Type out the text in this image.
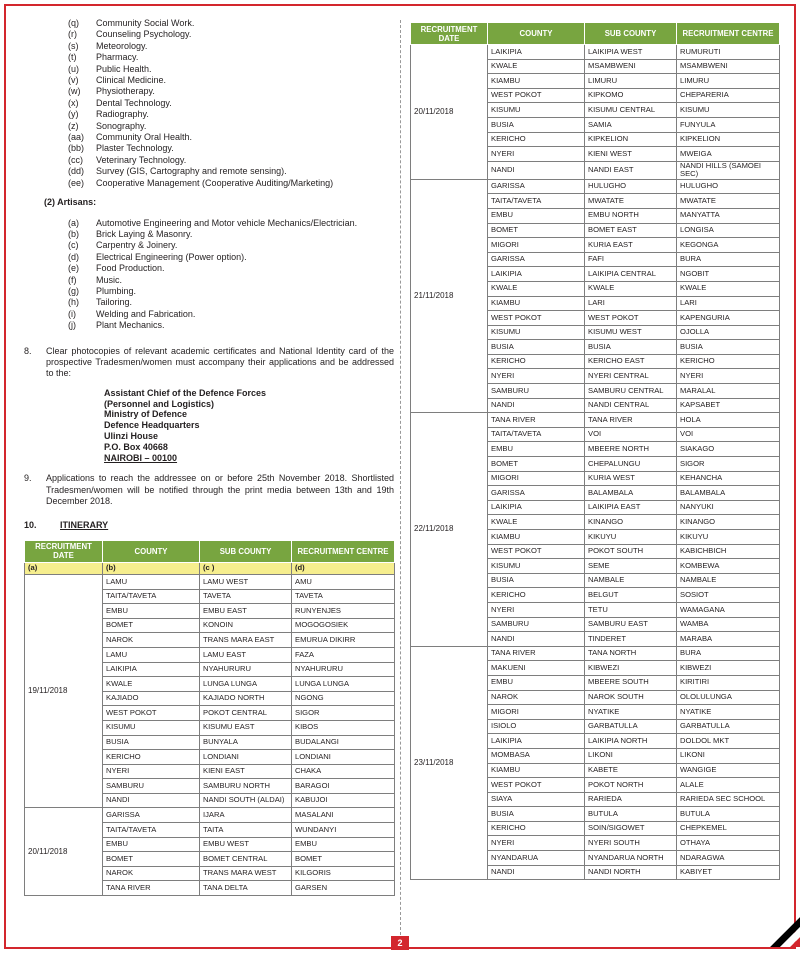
(q)	Community Social Work.
(r)	Counseling Psychology.
(s)	Meteorology.
(t)	Pharmacy.
(u)	Public Health.
(v)	Clinical Medicine.
(w)	Physiotherapy.
(x)	Dental Technology.
(y)	Radiography.
(z)	Sonography.
(aa)	Community Oral Health.
(bb)	Plaster Technology.
(cc)	Veterinary Technology.
(dd)	Survey (GIS, Cartography and remote sensing).
(ee)	Cooperative Management (Cooperative Auditing/Marketing)
(2) Artisans:
(a)	Automotive Engineering and Motor vehicle Mechanics/Electrician.
(b)	Brick Laying & Masonry.
(c)	Carpentry & Joinery.
(d)	Electrical Engineering (Power option).
(e)	Food Production.
(f)	Music.
(g)	Plumbing.
(h)	Tailoring.
(i)	Welding and Fabrication.
(j)	Plant Mechanics.
8.	Clear photocopies of relevant academic certificates and National Identity card of the prospective Tradesmen/women must accompany their applications and be addressed to the:
Assistant Chief of the Defence Forces
(Personnel and Logistics)
Ministry of Defence
Defence Headquarters
Ulinzi House
P.O. Box 40668
NAIROBI – 00100
9.	Applications to reach the addressee on or before 25th November 2018. Shortlisted Tradesmen/women will be notified through the print media between 13th and 19th December 2018.
10.	ITINERARY
RECRUITMENT DATE	COUNTY	SUB COUNTY	RECRUITMENT CENTRE
(a)	(b)	(c )	(d)
19/11/2018	LAMU	LAMU WEST	AMU
	TAITA/TAVETA	TAVETA	TAVETA
	EMBU	EMBU EAST	RUNYENJES
	BOMET	KONOIN	MOGOGOSIEK
	NAROK	TRANS MARA EAST	EMURUA DIKIRR
	LAMU	LAMU EAST	FAZA
	LAIKIPIA	NYAHURURU	NYAHURURU
	KWALE	LUNGA LUNGA	LUNGA LUNGA
	KAJIADO	KAJIADO NORTH	NGONG
	WEST POKOT	POKOT CENTRAL	SIGOR
	KISUMU	KISUMU EAST	KIBOS
	BUSIA	BUNYALA	BUDALANGI
	KERICHO	LONDIANI	LONDIANI
	NYERI	KIENI EAST	CHAKA
	SAMBURU	SAMBURU NORTH	BARAGOI
	NANDI	NANDI SOUTH (ALDAI)	KABUJOI
20/11/2018	GARISSA	IJARA	MASALANI
	TAITA/TAVETA	TAITA	WUNDANYI
	EMBU	EMBU WEST	EMBU
	BOMET	BOMET CENTRAL	BOMET
	NAROK	TRANS MARA WEST	KILGORIS
	TANA RIVER	TANA DELTA	GARSEN
RECRUITMENT DATE	COUNTY	SUB COUNTY	RECRUITMENT CENTRE
20/11/2018	LAIKIPIA	LAIKIPIA WEST	RUMURUTI
	KWALE	MSAMBWENI	MSAMBWENI
	KIAMBU	LIMURU	LIMURU
	WEST POKOT	KIPKOMO	CHEPARERIA
	KISUMU	KISUMU CENTRAL	KISUMU
	BUSIA	SAMIA	FUNYULA
	KERICHO	KIPKELION	KIPKELION
	NYERI	KIENI WEST	MWEIGA
	NANDI	NANDI EAST	NANDI HILLS (SAMOEI SEC)
21/11/2018	GARISSA	HULUGHO	HULUGHO
	TAITA/TAVETA	MWATATE	MWATATE
	EMBU	EMBU NORTH	MANYATTA
	BOMET	BOMET EAST	LONGISA
	MIGORI	KURIA EAST	KEGONGA
	GARISSA	FAFI	BURA
	LAIKIPIA	LAIKIPIA CENTRAL	NGOBIT
	KWALE	KWALE	KWALE
	KIAMBU	LARI	LARI
	WEST POKOT	WEST POKOT	KAPENGURIA
	KISUMU	KISUMU WEST	OJOLLA
	BUSIA	BUSIA	BUSIA
	KERICHO	KERICHO EAST	KERICHO
	NYERI	NYERI CENTRAL	NYERI
	SAMBURU	SAMBURU CENTRAL	MARALAL
	NANDI	NANDI CENTRAL	KAPSABET
22/11/2018	TANA RIVER	TANA RIVER	HOLA
	TAITA/TAVETA	VOI	VOI
	EMBU	MBEERE NORTH	SIAKAGO
	BOMET	CHEPALUNGU	SIGOR
	MIGORI	KURIA WEST	KEHANCHA
	GARISSA	BALAMBALA	BALAMBALA
	LAIKIPIA	LAIKIPIA EAST	NANYUKI
	KWALE	KINANGO	KINANGO
	KIAMBU	KIKUYU	KIKUYU
	WEST POKOT	POKOT SOUTH	KABICHBICH
	KISUMU	SEME	KOMBEWA
	BUSIA	NAMBALE	NAMBALE
	KERICHO	BELGUT	SOSIOT
	NYERI	TETU	WAMAGANA
	SAMBURU	SAMBURU EAST	WAMBA
	NANDI	TINDERET	MARABA
23/11/2018	TANA RIVER	TANA NORTH	BURA
	MAKUENI	KIBWEZI	KIBWEZI
	EMBU	MBEERE SOUTH	KIRITIRI
	NAROK	NAROK SOUTH	OLOLULUNGA
	MIGORI	NYATIKE	NYATIKE
	ISIOLO	GARBATULLA	GARBATULLA
	LAIKIPIA	LAIKIPIA NORTH	DOLDOL MKT
	MOMBASA	LIKONI	LIKONI
	KIAMBU	KABETE	WANGIGE
	WEST POKOT	POKOT NORTH	ALALE
	SIAYA	RARIEDA	RARIEDA SEC SCHOOL
	BUSIA	BUTULA	BUTULA
	KERICHO	SOIN/SIGOWET	CHEPKEMEL
	NYERI	NYERI SOUTH	OTHAYA
	NYANDARUA	NYANDARUA NORTH	NDARAGWA
	NANDI	NANDI NORTH	KABIYET
2
